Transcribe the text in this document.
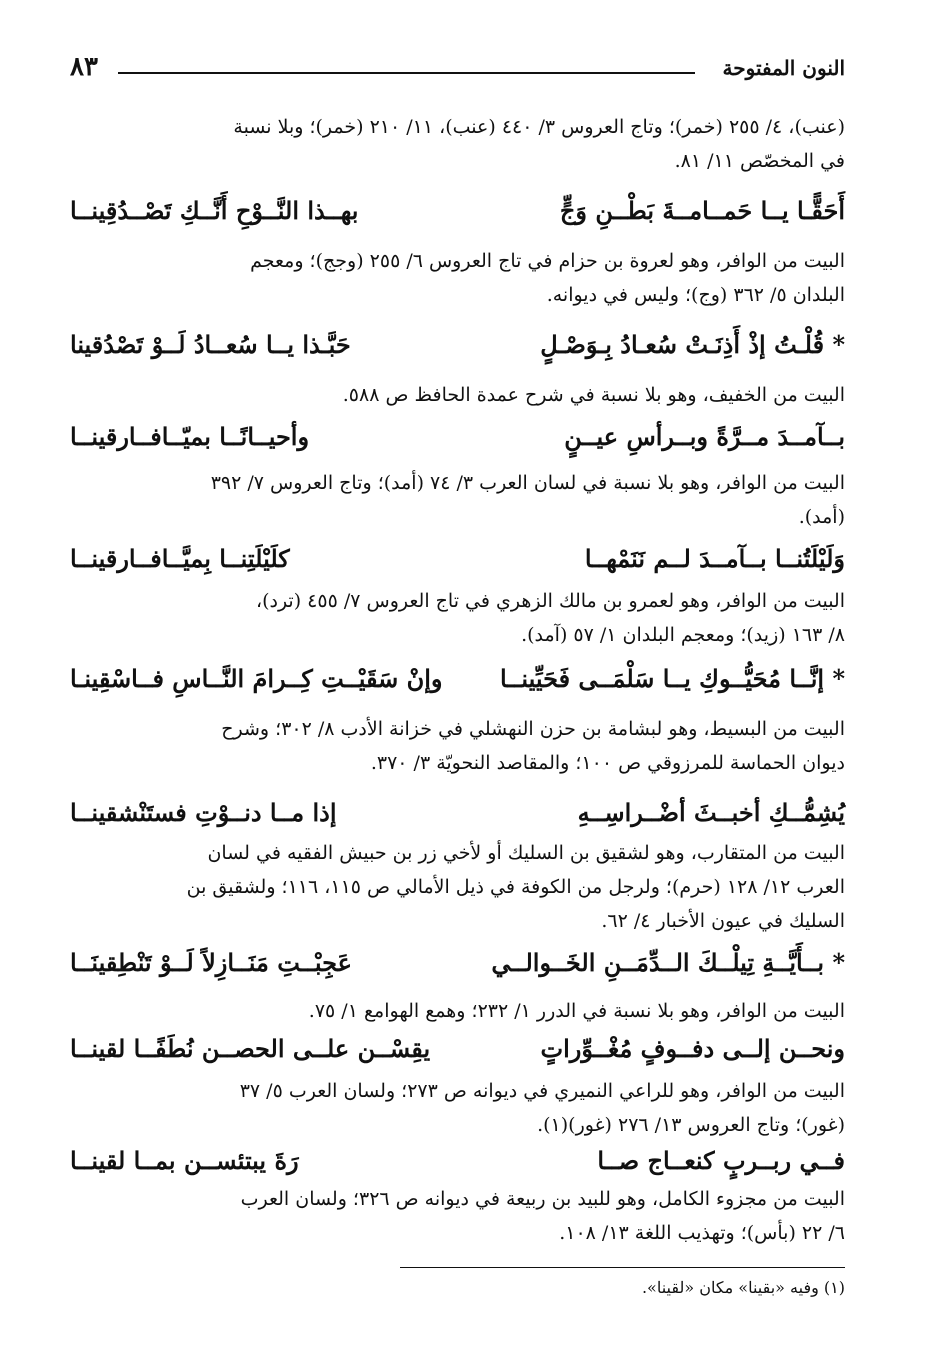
٨٣	النون المفتوحة
(عنب)، ٤/ ٢٥٥ (خمر)؛ وتاج العروس ٣/ ٤٤٠ (عنب)، ١١/ ٢١٠ (خمر)؛ وبلا نسبة
في المخصّص ١١/ ٨١.
أَحَقًّـا يــا حَمــامــةَ بَطْــنِ وَجٍّ
بهــذا النَّــوْحِ أَنَّــكِ تَصْــدُقِينــا
البيت من الوافر، وهو لعروة بن حزام في تاج العروس ٦/ ٢٥٥ (وجج)؛ ومعجم
البلدان ٥/ ٣٦٢ (وج)؛ وليس في ديوانه.
* قُلْـتُ إذْ أَذِنَـتْ سُعـادُ بِـوَصْـلٍ
حَبَّـذا يــا سُعــادُ لَــوْ تَصْدُقينا
البيت من الخفيف، وهو بلا نسبة في شرح عمدة الحافظ ص ٥٨٨.
بــآمــدَ مــرَّةً وبــرأسِ عيــنٍ
وأحيــانًــا بميّــافــارقينــا
البيت من الوافر، وهو بلا نسبة في لسان العرب ٣/ ٧٤ (أمد)؛ وتاج العروس ٧/ ٣٩٢
(أمد).
وَلَيْلَتُنــا بــآمــدَ لــم نَنَمْهــا
كلَيْلَتِنــا بِميَّــافــارقينــا
البيت من الوافر، وهو لعمرو بن مالك الزهري في تاج العروس ٧/ ٤٥٥ (ترد)،
٨/ ١٦٣ (زيد)؛ ومعجم البلدان ١/ ٥٧ (آمد).
* إنَّــا مُحَيُّــوكِ يــا سَلْمَــى فَحَيِّينــا
وإنْ سَقَيْــتِ كِــرامَ النَّــاسِ فــاسْقِينـا
البيت من البسيط، وهو لبشامة بن حزن النهشلي في خزانة الأدب ٨/ ٣٠٢؛ وشرح
ديوان الحماسة للمرزوقي ص ١٠٠؛ والمقاصد النحويّة ٣/ ٣٧٠.
يُشِمُّــكِ أخبــثَ أضْــراسِــهِ
إذا مــا دنــوْتِ فستَنْشقينــا
البيت من المتقارب، وهو لشقيق بن السليك أو لأخي زر بن حبيش الفقيه في لسان
العرب ١٢/ ١٢٨ (حرم)؛ ولرجل من الكوفة في ذيل الأمالي ص ١١٥، ١١٦؛ ولشقيق بن
السليك في عيون الأخبار ٤/ ٦٢.
* بــأَيَّــةِ تِيلْــكَ الــدِّمَــنِ الخَــوالــي
عَجِبْــتِ مَنَــازِلاً لَــوْ تَنْطِقينَــا
البيت من الوافر، وهو بلا نسبة في الدرر ١/ ٢٣٢؛ وهمع الهوامع ١/ ٧٥.
ونحــن إلــى دفــوفٍ مُغْــوِّراتٍ
يقِسْــن علــى الحصــن نُطَفًــا لقينــا
البيت من الوافر، وهو للراعي النميري في ديوانه ص ٢٧٣؛ ولسان العرب ٥/ ٣٧
(غور)؛ وتاج العروس ١٣/ ٢٧٦ (غور)(١).
فــي ربــربٍ كنعــاج صــا
رَةَ يبتئســن بمــا لقينــا
البيت من مجزوء الكامل، وهو للبيد بن ربيعة في ديوانه ص ٣٢٦؛ ولسان العرب
٦/ ٢٢ (بأس)؛ وتهذيب اللغة ١٣/ ١٠٨.
(١) وفيه «بقينا» مكان «لقينا».
